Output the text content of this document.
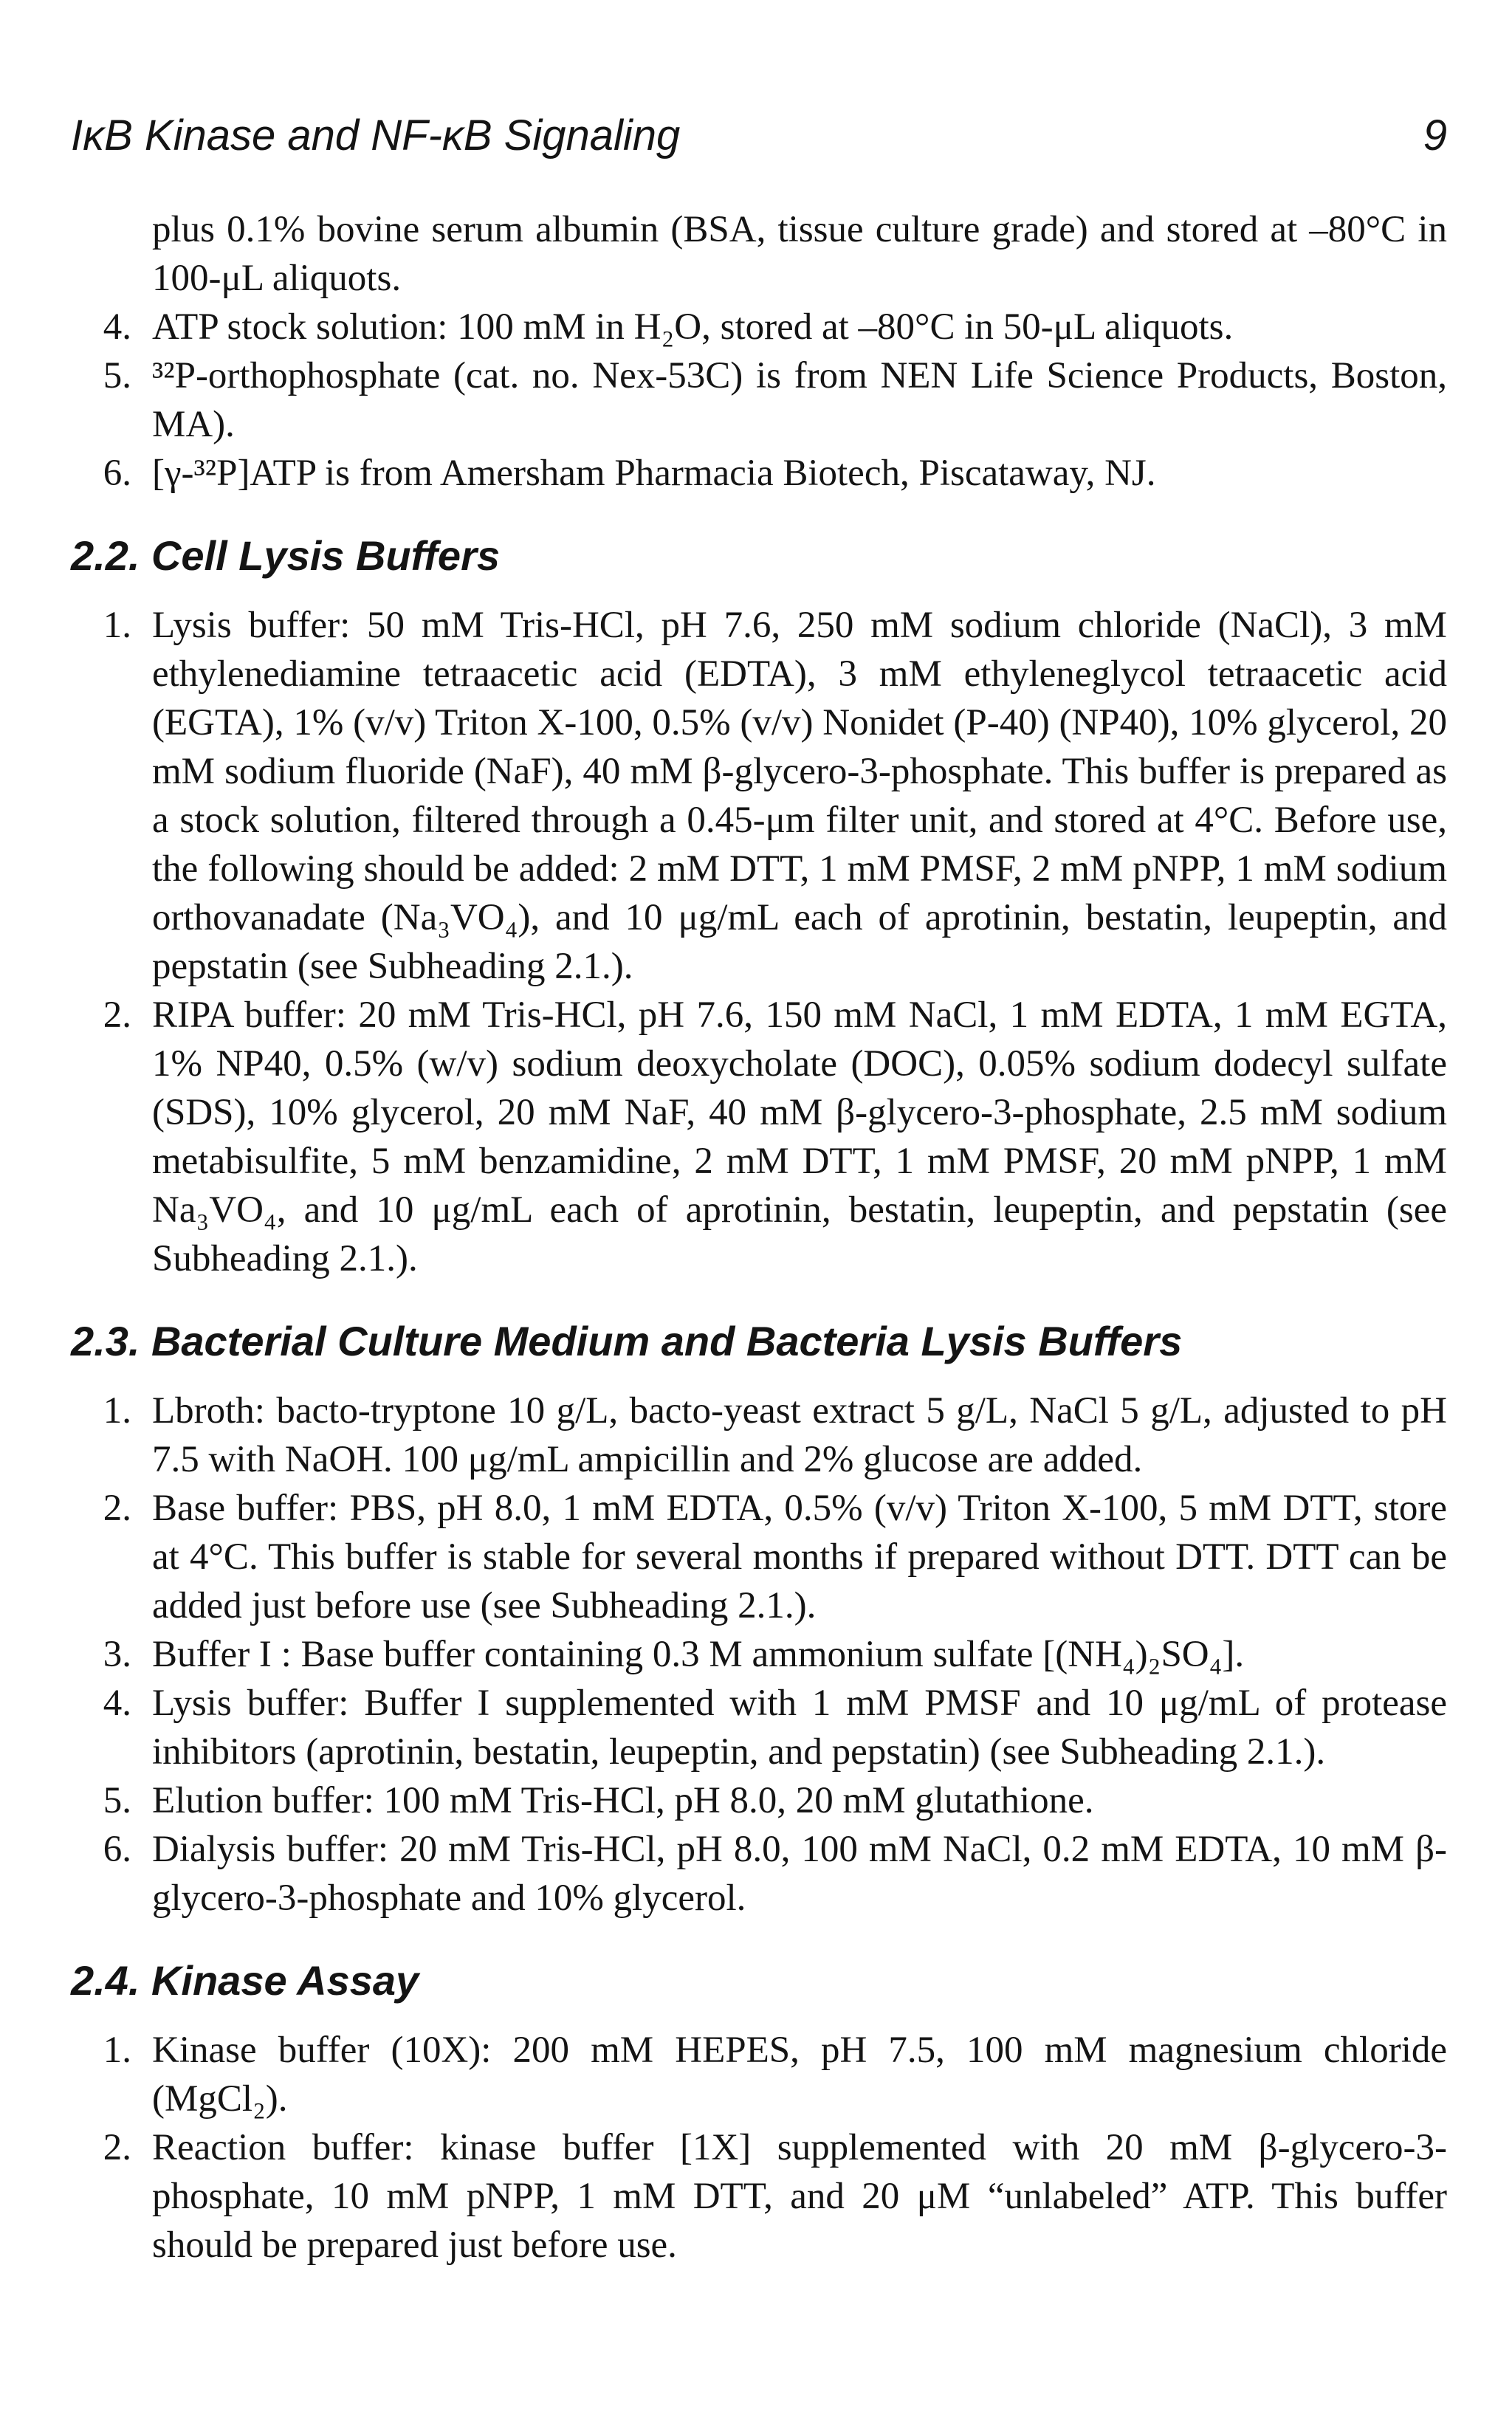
IκB Kinase and NF-κB Signaling	9
plus 0.1% bovine serum albumin (BSA, tissue culture grade) and stored at –80°C in 100-μL aliquots.
4. ATP stock solution: 100 mM in H₂O, stored at –80°C in 50-μL aliquots.
5. ³²P-orthophosphate (cat. no. Nex-53C) is from NEN Life Science Products, Boston, MA).
6. [γ-³²P]ATP is from Amersham Pharmacia Biotech, Piscataway, NJ.
2.2. Cell Lysis Buffers
1. Lysis buffer: 50 mM Tris-HCl, pH 7.6, 250 mM sodium chloride (NaCl), 3 mM ethylenediamine tetraacetic acid (EDTA), 3 mM ethyleneglycol tetraacetic acid (EGTA), 1% (v/v) Triton X-100, 0.5% (v/v) Nonidet (P-40) (NP40), 10% glycerol, 20 mM sodium fluoride (NaF), 40 mM β-glycero-3-phosphate. This buffer is prepared as a stock solution, filtered through a 0.45-μm filter unit, and stored at 4°C. Before use, the following should be added: 2 mM DTT, 1 mM PMSF, 2 mM pNPP, 1 mM sodium orthovanadate (Na₃VO₄), and 10 μg/mL each of aprotinin, bestatin, leupeptin, and pepstatin (see Subheading 2.1.).
2. RIPA buffer: 20 mM Tris-HCl, pH 7.6, 150 mM NaCl, 1 mM EDTA, 1 mM EGTA, 1% NP40, 0.5% (w/v) sodium deoxycholate (DOC), 0.05% sodium dodecyl sulfate (SDS), 10% glycerol, 20 mM NaF, 40 mM β-glycero-3-phosphate, 2.5 mM sodium metabisulfite, 5 mM benzamidine, 2 mM DTT, 1 mM PMSF, 20 mM pNPP, 1 mM Na₃VO₄, and 10 μg/mL each of aprotinin, bestatin, leupeptin, and pepstatin (see Subheading 2.1.).
2.3. Bacterial Culture Medium and Bacteria Lysis Buffers
1. Lbroth: bacto-tryptone 10 g/L, bacto-yeast extract 5 g/L, NaCl 5 g/L, adjusted to pH 7.5 with NaOH. 100 μg/mL ampicillin and 2% glucose are added.
2. Base buffer: PBS, pH 8.0, 1 mM EDTA, 0.5% (v/v) Triton X-100, 5 mM DTT, store at 4°C. This buffer is stable for several months if prepared without DTT. DTT can be added just before use (see Subheading 2.1.).
3. Buffer I : Base buffer containing 0.3 M ammonium sulfate [(NH₄)₂SO₄].
4. Lysis buffer: Buffer I supplemented with 1 mM PMSF and 10 μg/mL of protease inhibitors (aprotinin, bestatin, leupeptin, and pepstatin) (see Subheading 2.1.).
5. Elution buffer: 100 mM Tris-HCl, pH 8.0, 20 mM glutathione.
6. Dialysis buffer: 20 mM Tris-HCl, pH 8.0, 100 mM NaCl, 0.2 mM EDTA, 10 mM β-glycero-3-phosphate and 10% glycerol.
2.4. Kinase Assay
1. Kinase buffer (10X): 200 mM HEPES, pH 7.5, 100 mM magnesium chloride (MgCl₂).
2. Reaction buffer: kinase buffer [1X] supplemented with 20 mM β-glycero-3-phosphate, 10 mM pNPP, 1 mM DTT, and 20 μM “unlabeled” ATP. This buffer should be prepared just before use.
